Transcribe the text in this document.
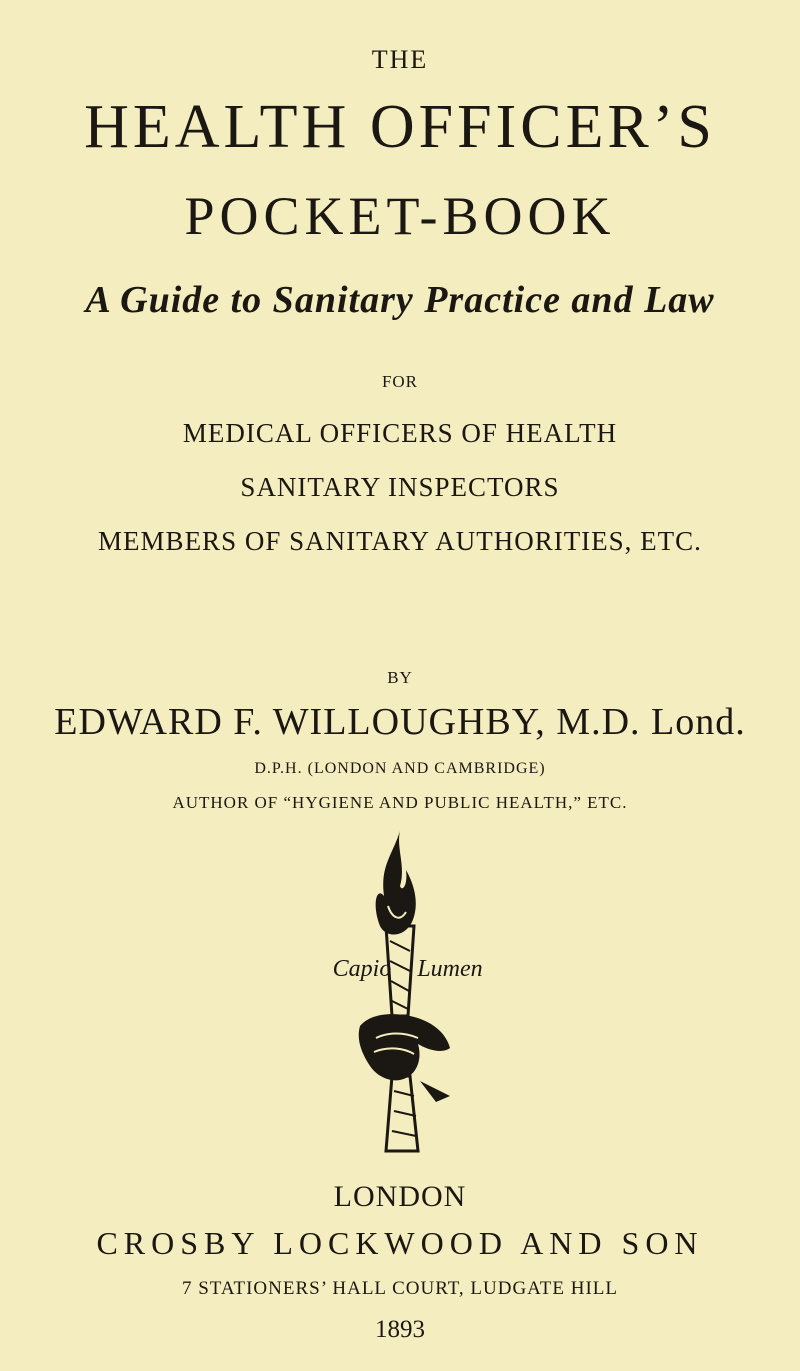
THE
HEALTH OFFICER’S
POCKET-BOOK
A Guide to Sanitary Practice and Law
FOR
MEDICAL OFFICERS OF HEALTH
SANITARY INSPECTORS
MEMBERS OF SANITARY AUTHORITIES, ETC.
BY
EDWARD F. WILLOUGHBY, M.D. Lond.
D.P.H. (LONDON AND CAMBRIDGE)
AUTHOR OF “HYGIENE AND PUBLIC HEALTH,” ETC.
Capio Lumen
LONDON
CROSBY LOCKWOOD AND SON
7 STATIONERS’ HALL COURT, LUDGATE HILL
1893
